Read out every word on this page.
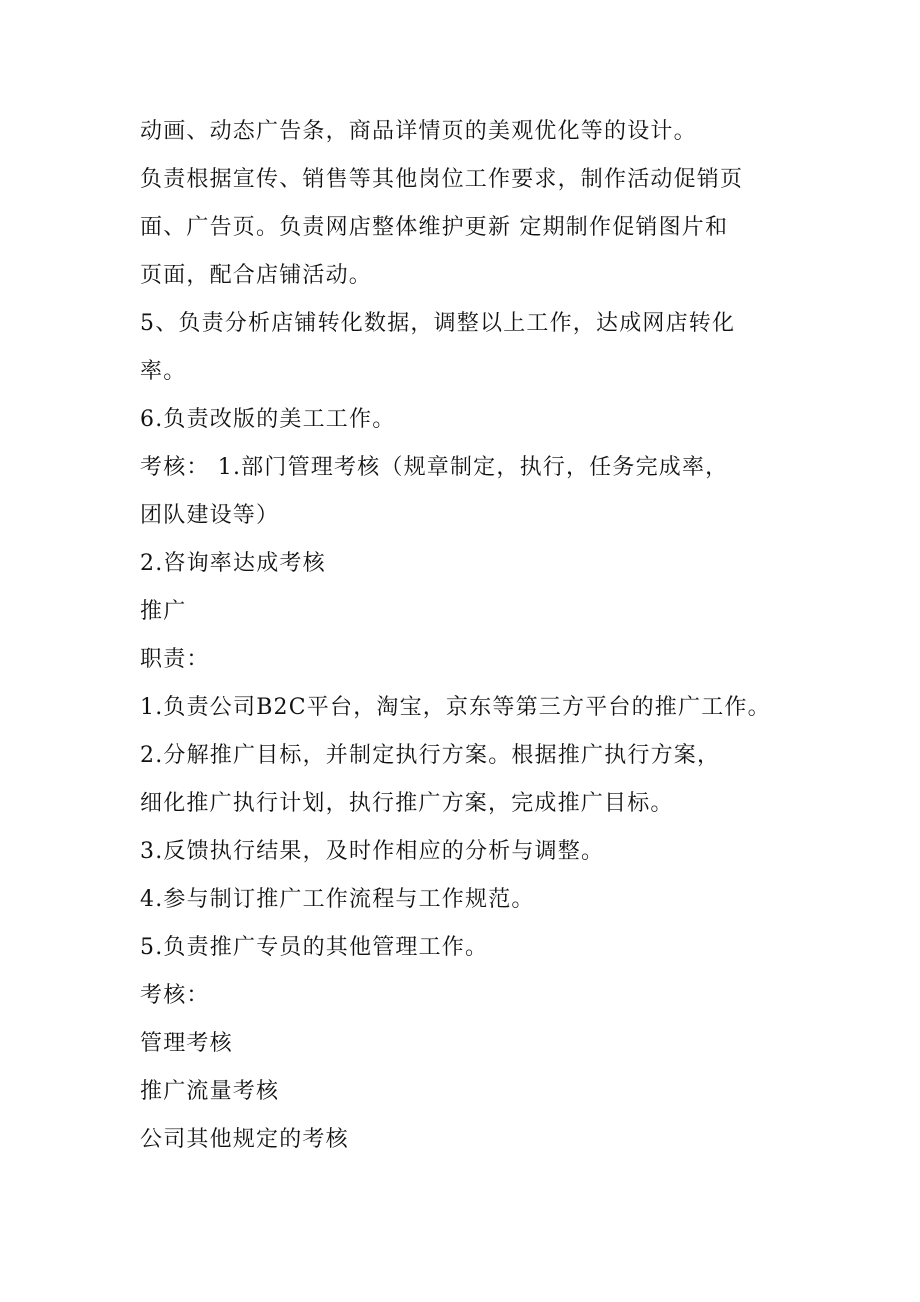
动画、动态广告条，商品详情页的美观优化等的设计。
负责根据宣传、销售等其他岗位工作要求，制作活动促销页
面、广告页。负责网店整体维护更新 定期制作促销图片和
页面，配合店铺活动。
5、负责分析店铺转化数据，调整以上工作，达成网店转化
率。
6.负责改版的美工工作。
考核： 1.部门管理考核（规章制定，执行，任务完成率，
团队建设等）
2.咨询率达成考核
推广
职责：
1.负责公司B2C平台，淘宝，京东等第三方平台的推广工作。
2.分解推广目标，并制定执行方案。根据推广执行方案，
细化推广执行计划，执行推广方案，完成推广目标。
3.反馈执行结果，及时作相应的分析与调整。
4.参与制订推广工作流程与工作规范。
5.负责推广专员的其他管理工作。
考核：
管理考核
推广流量考核
公司其他规定的考核
